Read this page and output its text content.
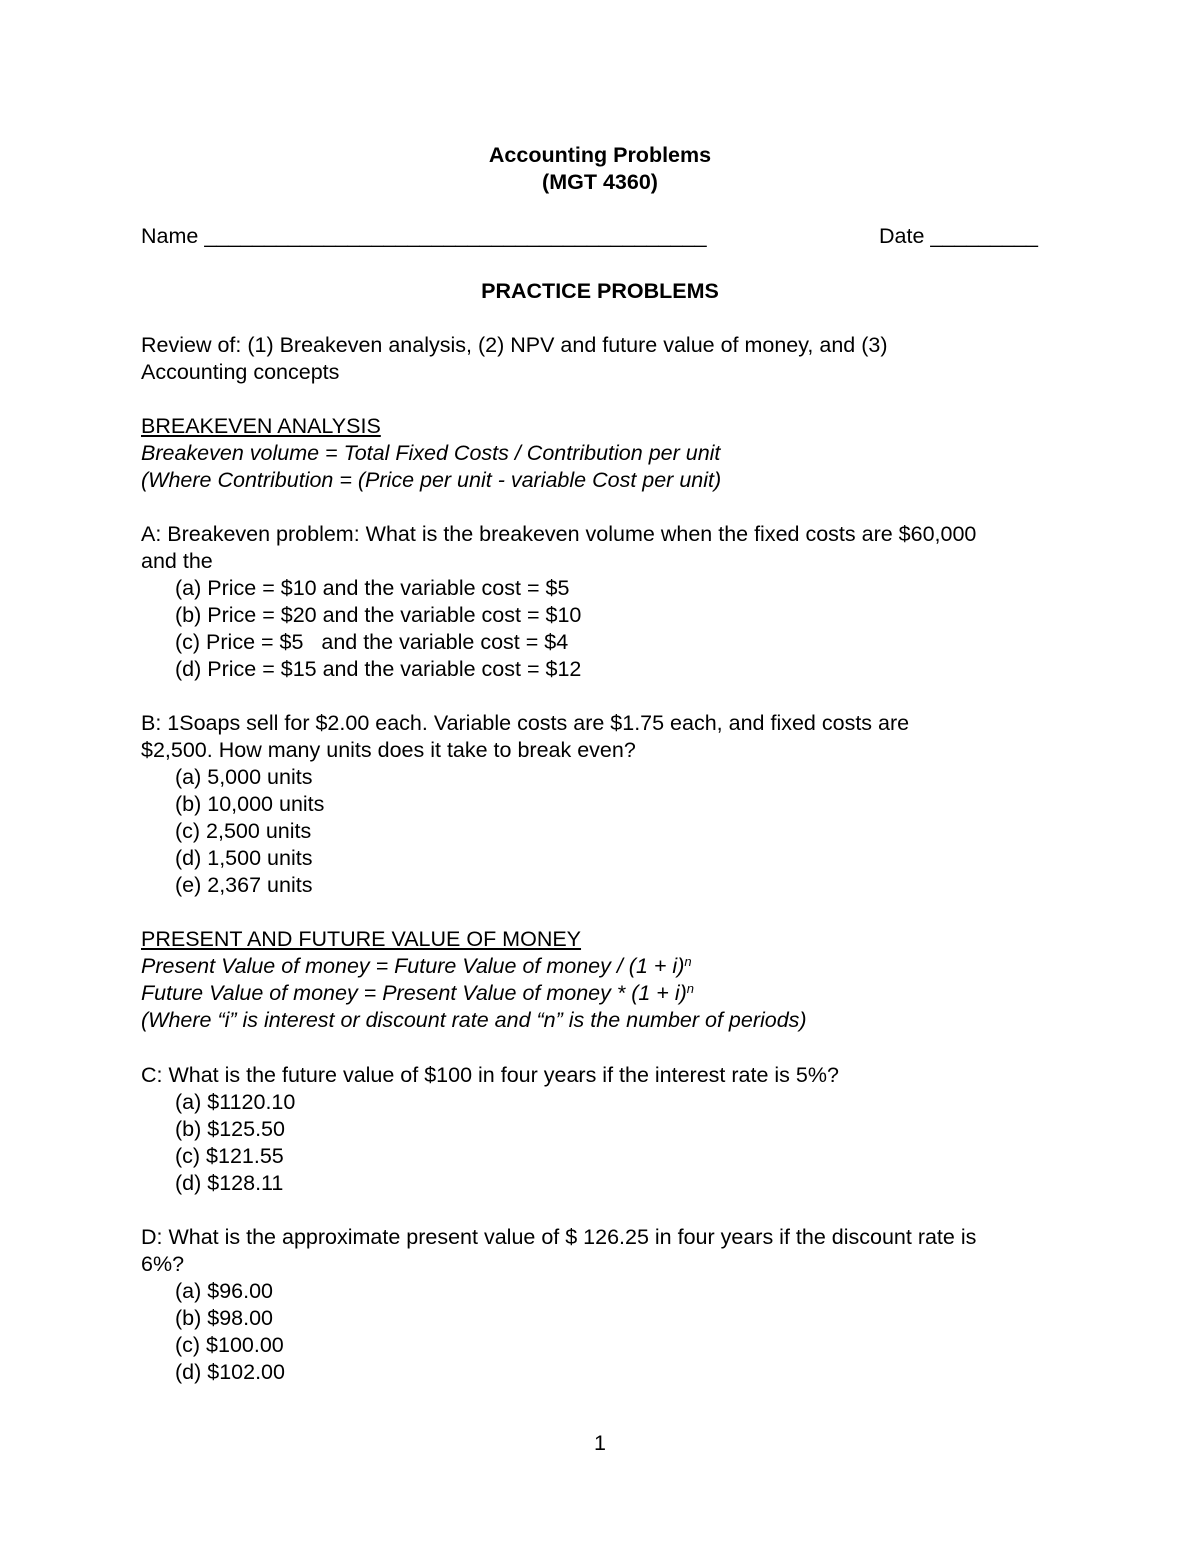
Accounting Problems
(MGT 4360)
Name __________________________________________	Date _________
PRACTICE PROBLEMS
Review of: (1) Breakeven analysis, (2) NPV and future value of money, and (3)
Accounting concepts
BREAKEVEN ANALYSIS
Breakeven volume = Total Fixed Costs / Contribution per unit
(Where Contribution = (Price per unit - variable Cost per unit)
A: Breakeven problem: What is the breakeven volume when the fixed costs are $60,000
and the
(a) Price = $10 and the variable cost = $5
(b) Price = $20 and the variable cost = $10
(c) Price = $5   and the variable cost = $4
(d) Price = $15 and the variable cost = $12
B: 1Soaps sell for $2.00 each. Variable costs are $1.75 each, and fixed costs are
$2,500. How many units does it take to break even?
(a) 5,000 units
(b) 10,000 units
(c) 2,500 units
(d) 1,500 units
(e) 2,367 units
PRESENT AND FUTURE VALUE OF MONEY
Present Value of money = Future Value of money / $(1 + i)^n$
Future Value of money = Present Value of money * $(1 + i)^n$
(Where “i” is interest or discount rate and “n” is the number of periods)
C: What is the future value of $100 in four years if the interest rate is 5%?
(a) $1120.10
(b) $125.50
(c) $121.55
(d) $128.11
D: What is the approximate present value of $ 126.25 in four years if the discount rate is
6%?
(a) $96.00
(b) $98.00
(c) $100.00
(d) $102.00
1
